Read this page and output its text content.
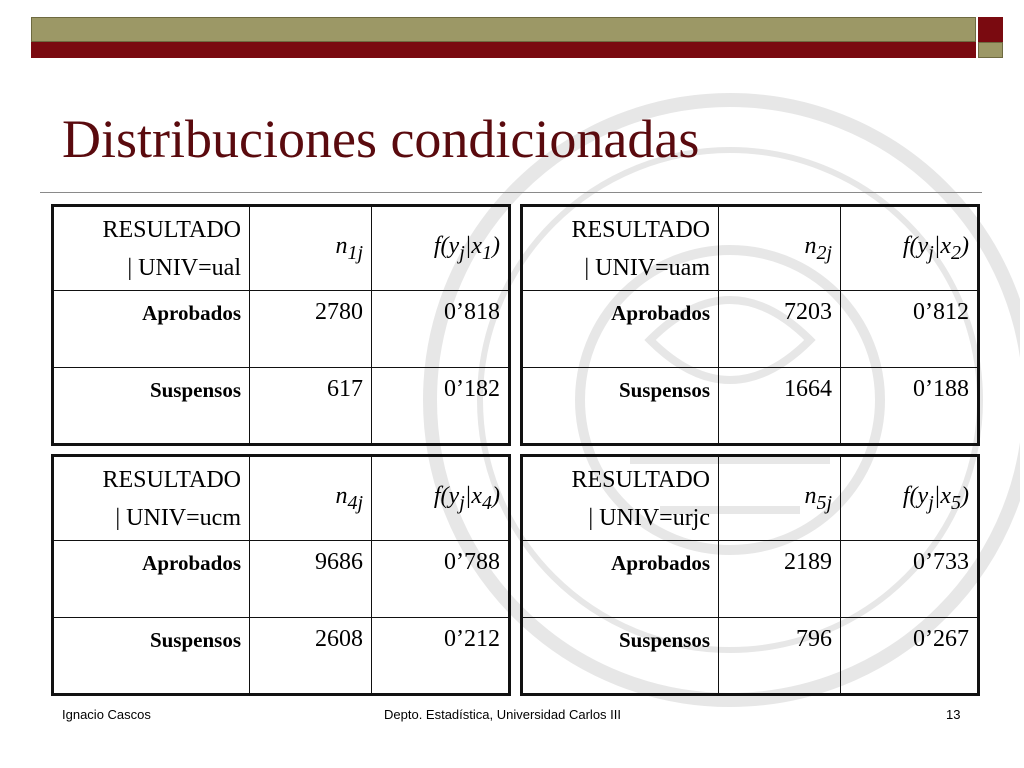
Distribuciones condicionadas
RESULTADO
| UNIV=ual	$n_{1j}$	$f(y_j|x_1)$
Aprobados	2780	0’818
Suspensos	617	0’182
RESULTADO
| UNIV=uam	$n_{2j}$	$f(y_j|x_2)$
Aprobados	7203	0’812
Suspensos	1664	0’188
RESULTADO
| UNIV=ucm	$n_{4j}$	$f(y_j|x_4)$
Aprobados	9686	0’788
Suspensos	2608	0’212
RESULTADO
| UNIV=urjc	$n_{5j}$	$f(y_j|x_5)$
Aprobados	2189	0’733
Suspensos	796	0’267
Ignacio Cascos	Depto. Estadística, Universidad Carlos III	13
